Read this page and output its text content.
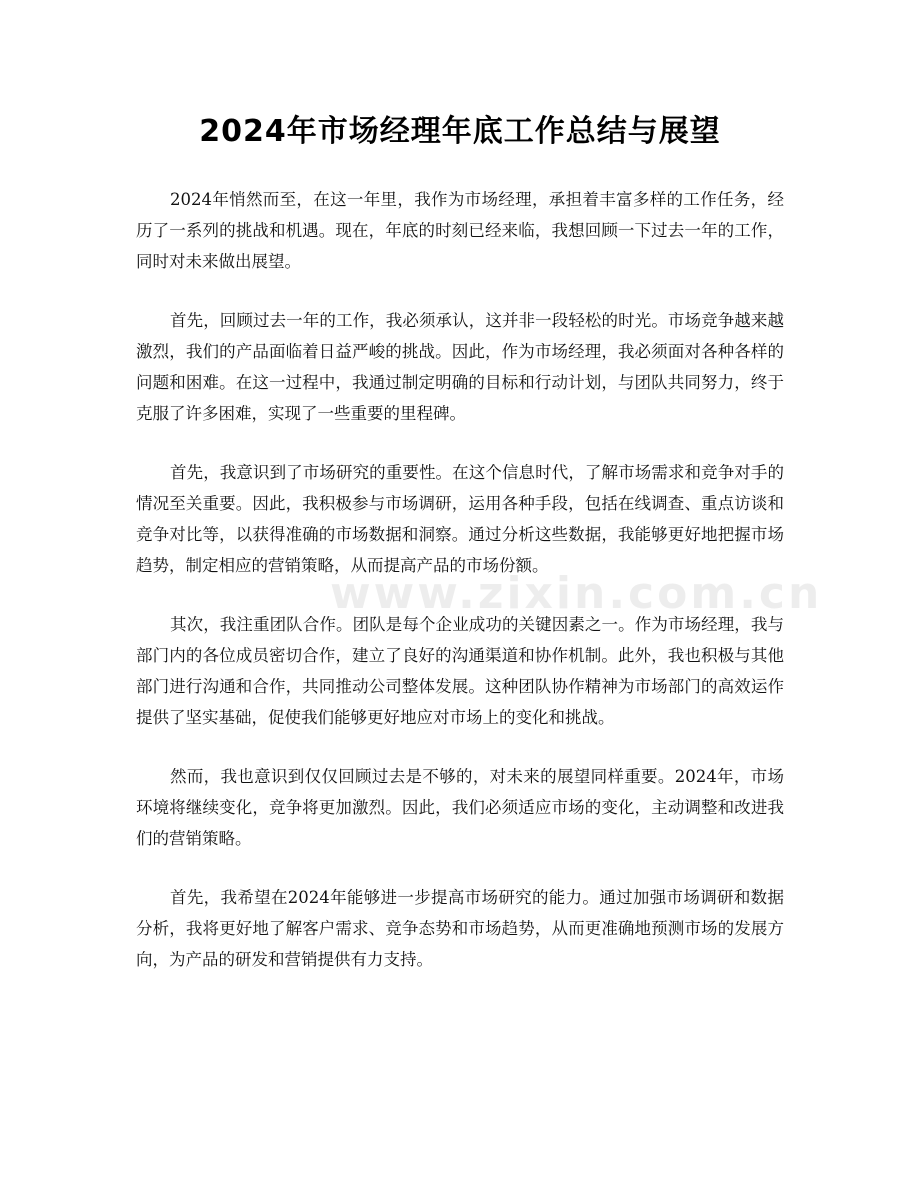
2024年市场经理年底工作总结与展望

2024年悄然而至，在这一年里，我作为市场经理，承担着丰富多样的工作任务，经历了一系列的挑战和机遇。现在，年底的时刻已经来临，我想回顾一下过去一年的工作，同时对未来做出展望。

首先，回顾过去一年的工作，我必须承认，这并非一段轻松的时光。市场竞争越来越激烈，我们的产品面临着日益严峻的挑战。因此，作为市场经理，我必须面对各种各样的问题和困难。在这一过程中，我通过制定明确的目标和行动计划，与团队共同努力，终于克服了许多困难，实现了一些重要的里程碑。

首先，我意识到了市场研究的重要性。在这个信息时代，了解市场需求和竞争对手的情况至关重要。因此，我积极参与市场调研，运用各种手段，包括在线调查、重点访谈和竞争对比等，以获得准确的市场数据和洞察。通过分析这些数据，我能够更好地把握市场趋势，制定相应的营销策略，从而提高产品的市场份额。

其次，我注重团队合作。团队是每个企业成功的关键因素之一。作为市场经理，我与部门内的各位成员密切合作，建立了良好的沟通渠道和协作机制。此外，我也积极与其他部门进行沟通和合作，共同推动公司整体发展。这种团队协作精神为市场部门的高效运作提供了坚实基础，促使我们能够更好地应对市场上的变化和挑战。

然而，我也意识到仅仅回顾过去是不够的，对未来的展望同样重要。2024年，市场环境将继续变化，竞争将更加激烈。因此，我们必须适应市场的变化，主动调整和改进我们的营销策略。

首先，我希望在2024年能够进一步提高市场研究的能力。通过加强市场调研和数据分析，我将更好地了解客户需求、竞争态势和市场趋势，从而更准确地预测市场的发展方向，为产品的研发和营销提供有力支持。

www.zixin.com.cn
